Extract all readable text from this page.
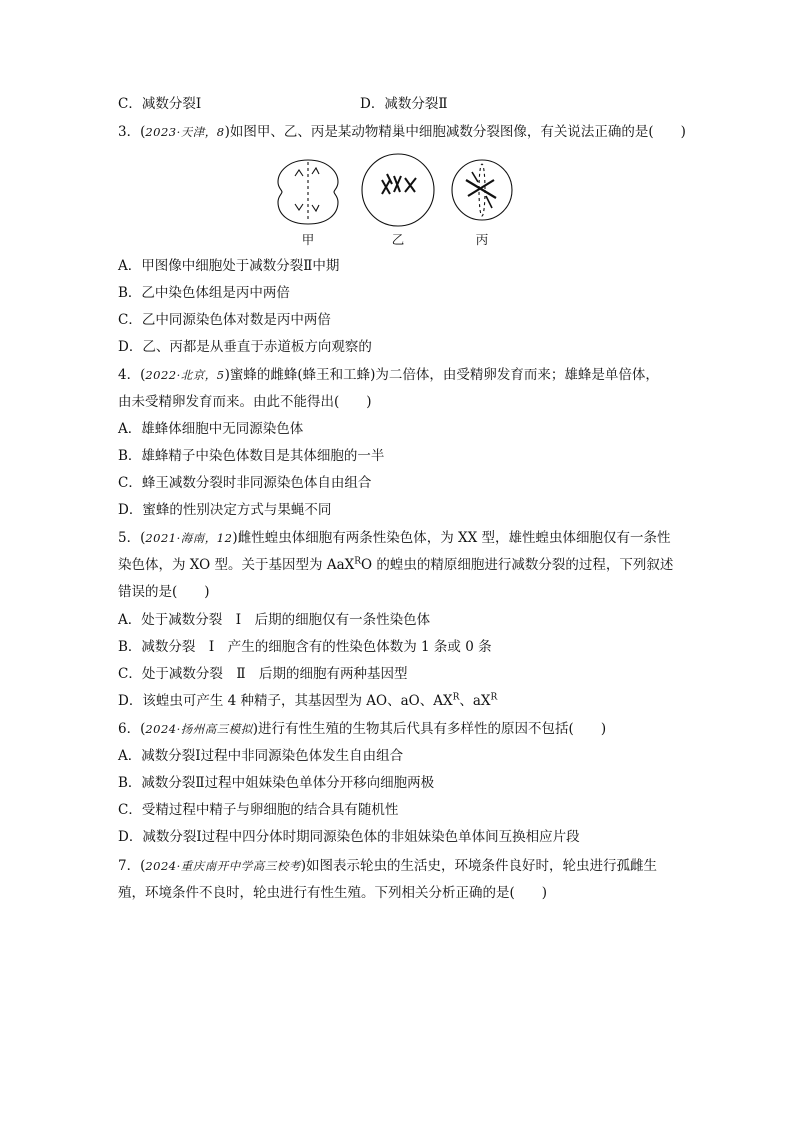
C．减数分裂Ⅰ	D．减数分裂Ⅱ
3．(2023·天津，8)如图甲、乙、丙是某动物精巢中细胞减数分裂图像，有关说法正确的是(　　)
甲	乙	丙
A．甲图像中细胞处于减数分裂Ⅱ中期
B．乙中染色体组是丙中两倍
C．乙中同源染色体对数是丙中两倍
D．乙、丙都是从垂直于赤道板方向观察的
4．(2022·北京，5)蜜蜂的雌蜂(蜂王和工蜂)为二倍体，由受精卵发育而来；雄蜂是单倍体，
由未受精卵发育而来。由此不能得出(　　)
A．雄蜂体细胞中无同源染色体
B．雄蜂精子中染色体数目是其体细胞的一半
C．蜂王减数分裂时非同源染色体自由组合
D．蜜蜂的性别决定方式与果蝇不同
5．(2021·海南，12)雌性蝗虫体细胞有两条性染色体，为 XX 型，雄性蝗虫体细胞仅有一条性
染色体，为 XO 型。关于基因型为 AaX$^R$O 的蝗虫的精原细胞进行减数分裂的过程，下列叙述
错误的是(　　)
A．处于减数分裂　Ⅰ　后期的细胞仅有一条性染色体
B．减数分裂　Ⅰ　产生的细胞含有的性染色体数为 1 条或 0 条
C．处于减数分裂　Ⅱ　后期的细胞有两种基因型
D．该蝗虫可产生 4 种精子，其基因型为 AO、aO、$AX^R$、$aX^R$
6．(2024·扬州高三模拟)进行有性生殖的生物其后代具有多样性的原因不包括(　　)
A．减数分裂Ⅰ过程中非同源染色体发生自由组合
B．减数分裂Ⅱ过程中姐妹染色单体分开移向细胞两极
C．受精过程中精子与卵细胞的结合具有随机性
D．减数分裂Ⅰ过程中四分体时期同源染色体的非姐妹染色单体间互换相应片段
7．(2024·重庆南开中学高三校考)如图表示轮虫的生活史，环境条件良好时，轮虫进行孤雌生
殖，环境条件不良时，轮虫进行有性生殖。下列相关分析正确的是(　　)
